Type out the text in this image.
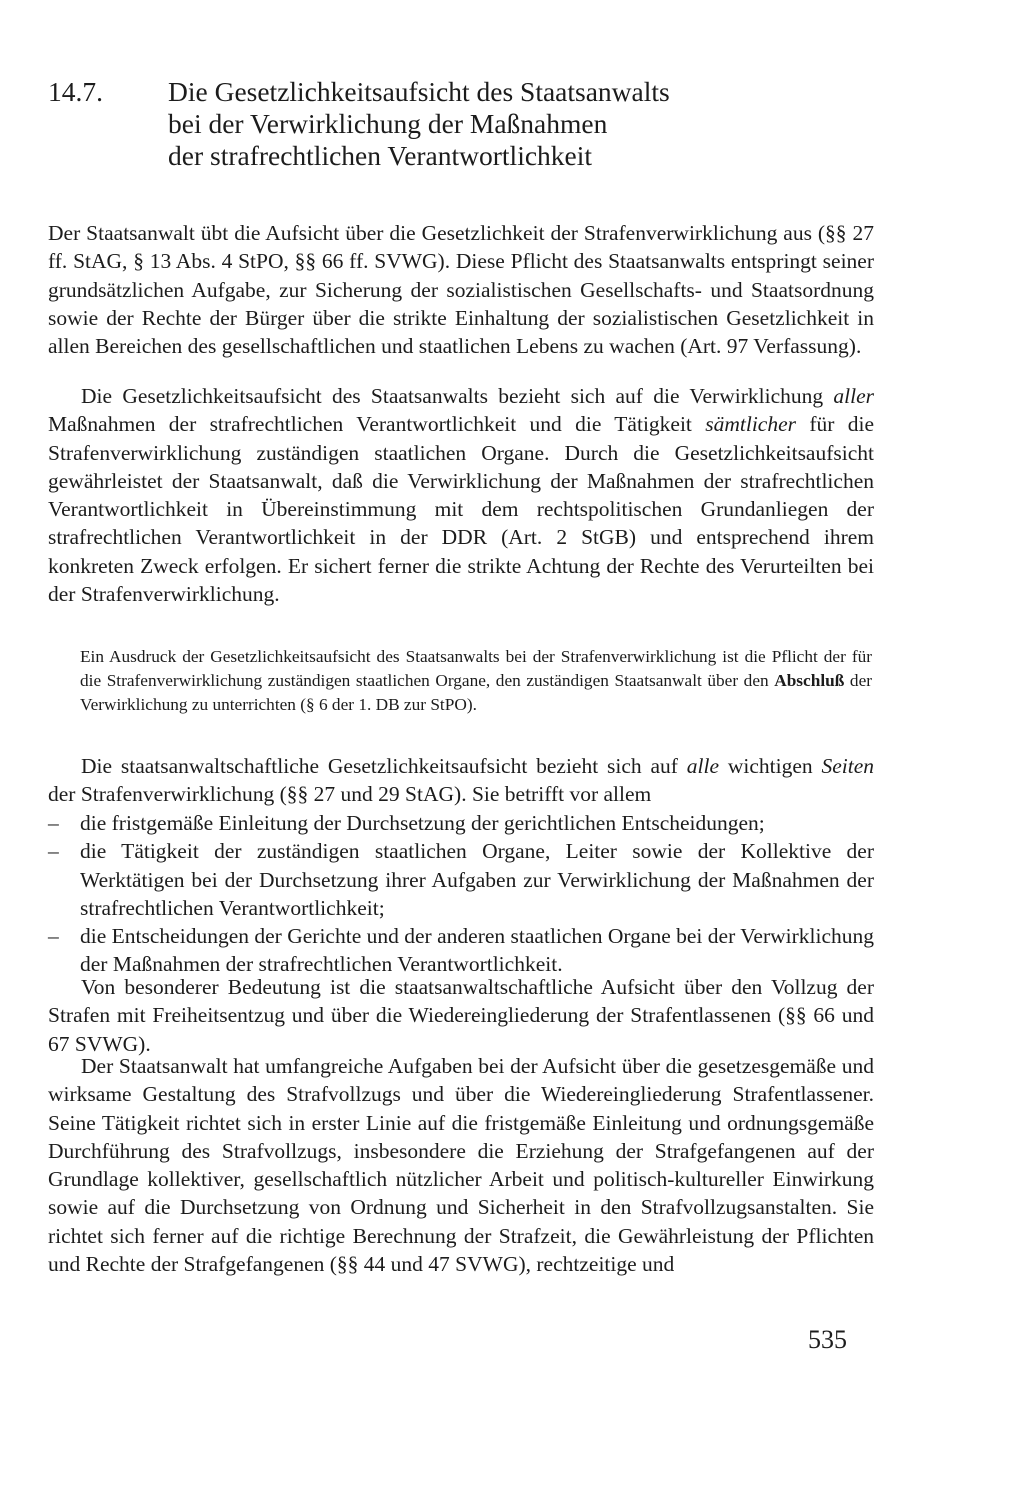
14.7. Die Gesetzlichkeitsaufsicht des Staatsanwalts
bei der Verwirklichung der Maßnahmen
der strafrechtlichen Verantwortlichkeit

Der Staatsanwalt übt die Aufsicht über die Gesetzlichkeit der Strafenverwirklichung aus (§§ 27 ff. StAG, § 13 Abs. 4 StPO, §§ 66 ff. SVWG). Diese Pflicht des Staatsanwalts entspringt seiner grundsätzlichen Aufgabe, zur Sicherung der sozialistischen Gesellschafts- und Staatsordnung sowie der Rechte der Bürger über die strikte Einhaltung der sozialistischen Gesetzlichkeit in allen Bereichen des gesellschaftlichen und staatlichen Lebens zu wachen (Art. 97 Verfassung).

Die Gesetzlichkeitsaufsicht des Staatsanwalts bezieht sich auf die Verwirklichung aller Maßnahmen der strafrechtlichen Verantwortlichkeit und die Tätigkeit sämtlicher für die Strafenverwirklichung zuständigen staatlichen Organe. Durch die Gesetzlichkeitsaufsicht gewährleistet der Staatsanwalt, daß die Verwirklichung der Maßnahmen der strafrechtlichen Verantwortlichkeit in Übereinstimmung mit dem rechtspolitischen Grundanliegen der strafrechtlichen Verantwortlichkeit in der DDR (Art. 2 StGB) und entsprechend ihrem konkreten Zweck erfolgen. Er sichert ferner die strikte Achtung der Rechte des Verurteilten bei der Strafenverwirklichung.

Ein Ausdruck der Gesetzlichkeitsaufsicht des Staatsanwalts bei der Strafenverwirklichung ist die Pflicht der für die Strafenverwirklichung zuständigen staatlichen Organe, den zuständigen Staatsanwalt über den Abschluß der Verwirklichung zu unterrichten (§ 6 der 1. DB zur StPO).

Die staatsanwaltschaftliche Gesetzlichkeitsaufsicht bezieht sich auf alle wichtigen Seiten der Strafenverwirklichung (§§ 27 und 29 StAG). Sie betrifft vor allem

– die fristgemäße Einleitung der Durchsetzung der gerichtlichen Entscheidungen;
– die Tätigkeit der zuständigen staatlichen Organe, Leiter sowie der Kollektive der Werktätigen bei der Durchsetzung ihrer Aufgaben zur Verwirklichung der Maßnahmen der strafrechtlichen Verantwortlichkeit;
– die Entscheidungen der Gerichte und der anderen staatlichen Organe bei der Verwirklichung der Maßnahmen der strafrechtlichen Verantwortlichkeit.

Von besonderer Bedeutung ist die staatsanwaltschaftliche Aufsicht über den Vollzug der Strafen mit Freiheitsentzug und über die Wiedereingliederung der Strafentlassenen (§§ 66 und 67 SVWG).

Der Staatsanwalt hat umfangreiche Aufgaben bei der Aufsicht über die gesetzesgemäße und wirksame Gestaltung des Strafvollzugs und über die Wiedereingliederung Strafentlassener. Seine Tätigkeit richtet sich in erster Linie auf die fristgemäße Einleitung und ordnungsgemäße Durchführung des Strafvollzugs, insbesondere die Erziehung der Strafgefangenen auf der Grundlage kollektiver, gesellschaftlich nützlicher Arbeit und politisch-kultureller Einwirkung sowie auf die Durchsetzung von Ordnung und Sicherheit in den Strafvollzugsanstalten. Sie richtet sich ferner auf die richtige Berechnung der Strafzeit, die Gewährleistung der Pflichten und Rechte der Strafgefangenen (§§ 44 und 47 SVWG), rechtzeitige und

535
